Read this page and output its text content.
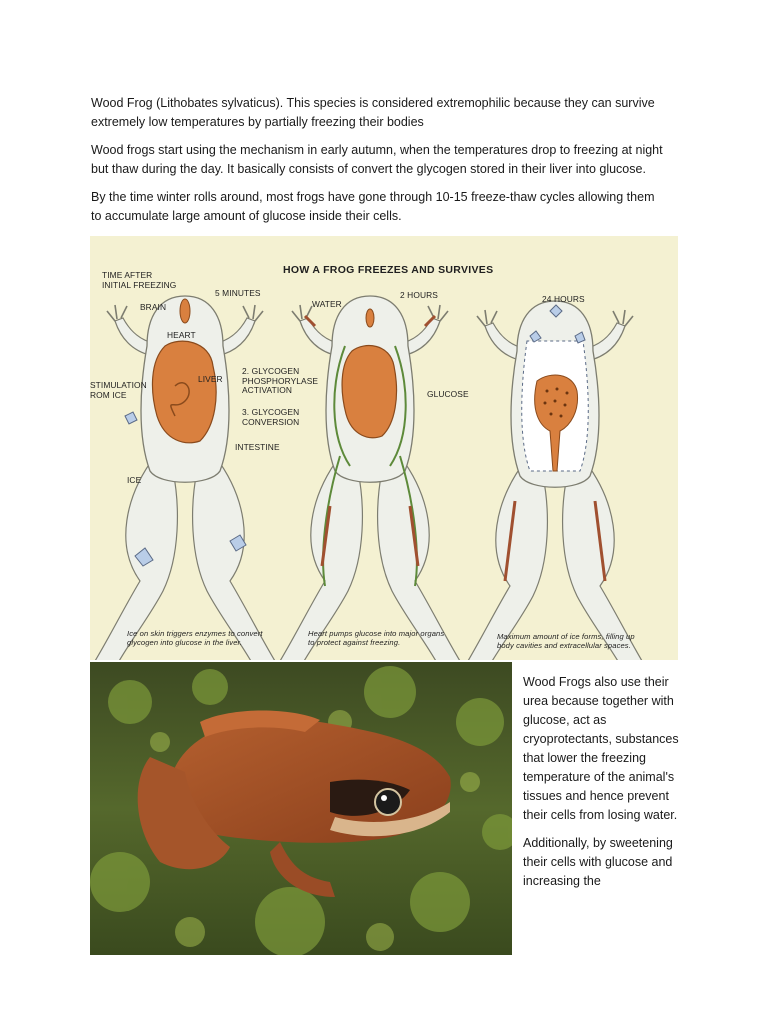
Wood Frog (Lithobates sylvaticus). This species is considered extremophilic because they can survive
extremely low temperatures by partially freezing their bodies
Wood frogs start using the mechanism in early autumn, when the temperatures drop to freezing at night
but thaw during the day. It basically consists of convert the glycogen stored in their liver into glucose.
By the time winter rolls around, most frogs have gone through 10-15 freeze-thaw cycles allowing them
to accumulate large amount of glucose inside their cells.
HOW A FROG FREEZES AND SURVIVES
TIME AFTER
INITIAL FREEZING
5 MINUTES	2 HOURS	24 HOURS
BRAIN
HEART
LIVER
STIMULATION
ROM ICE
2. GLYCOGEN
PHOSPHORYLASE
ACTIVATION
3. GLYCOGEN
CONVERSION
INTESTINE
ICE
WATER
GLUCOSE
Ice on skin triggers enzymes to convert
glycogen into glucose in the liver.
Heart pumps glucose into major organs
to protect against freezing.
Maximum amount of ice forms, filling up
body cavities and extracellular spaces.

Wood Frogs also use their urea because together with glucose, act as cryoprotectants, substances that lower the freezing temperature of the animal's tissues and hence prevent their cells from losing water.

Additionally, by sweetening their cells with glucose and increasing the
